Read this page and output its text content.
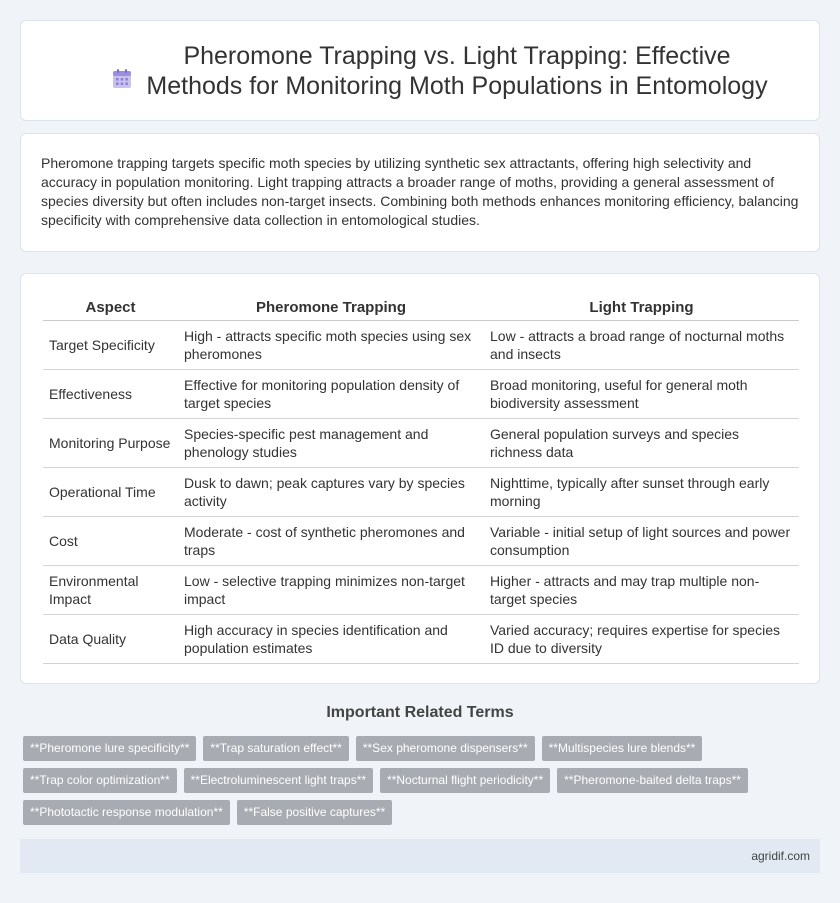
Pheromone Trapping vs. Light Trapping: Effective Methods for Monitoring Moth Populations in Entomology

Pheromone trapping targets specific moth species by utilizing synthetic sex attractants, offering high selectivity and accuracy in population monitoring. Light trapping attracts a broader range of moths, providing a general assessment of species diversity but often includes non-target insects. Combining both methods enhances monitoring efficiency, balancing specificity with comprehensive data collection in entomological studies.

Aspect	Pheromone Trapping	Light Trapping
Target Specificity	High - attracts specific moth species using sex pheromones	Low - attracts a broad range of nocturnal moths and insects
Effectiveness	Effective for monitoring population density of target species	Broad monitoring, useful for general moth biodiversity assessment
Monitoring Purpose	Species-specific pest management and phenology studies	General population surveys and species richness data
Operational Time	Dusk to dawn; peak captures vary by species activity	Nighttime, typically after sunset through early morning
Cost	Moderate - cost of synthetic pheromones and traps	Variable - initial setup of light sources and power consumption
Environmental Impact	Low - selective trapping minimizes non-target impact	Higher - attracts and may trap multiple non-target species
Data Quality	High accuracy in species identification and population estimates	Varied accuracy; requires expertise for species ID due to diversity
Important Related Terms
**Pheromone lure specificity**	**Trap saturation effect**	**Sex pheromone dispensers**	**Multispecies lure blends**
**Trap color optimization**	**Electroluminescent light traps**	**Nocturnal flight periodicity**	**Pheromone-baited delta traps**
**Phototactic response modulation**	**False positive captures**
agridif.com
